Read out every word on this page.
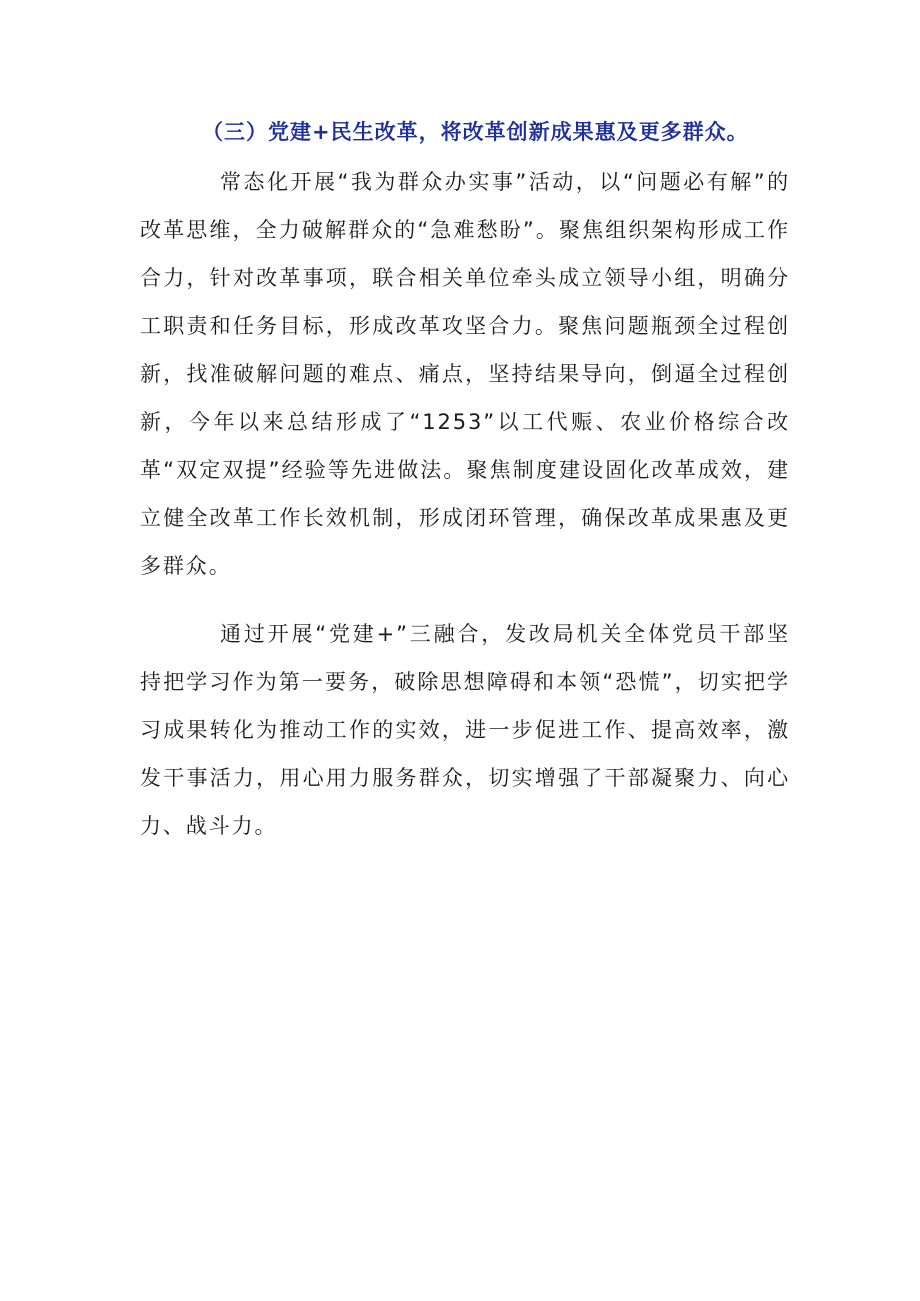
（三）党建+民生改革，将改革创新成果惠及更多群众。

常态化开展“我为群众办实事”活动，以“问题必有解”的改革思维，全力破解群众的“急难愁盼”。聚焦组织架构形成工作合力，针对改革事项，联合相关单位牵头成立领导小组，明确分工职责和任务目标，形成改革攻坚合力。聚焦问题瓶颈全过程创新，找准破解问题的难点、痛点，坚持结果导向，倒逼全过程创新，今年以来总结形成了“1253”以工代赈、农业价格综合改革“双定双提”经验等先进做法。聚焦制度建设固化改革成效，建立健全改革工作长效机制，形成闭环管理，确保改革成果惠及更多群众。

通过开展“党建+”三融合，发改局机关全体党员干部坚持把学习作为第一要务，破除思想障碍和本领“恐慌”，切实把学习成果转化为推动工作的实效，进一步促进工作、提高效率，激发干事活力，用心用力服务群众，切实增强了干部凝聚力、向心力、战斗力。
